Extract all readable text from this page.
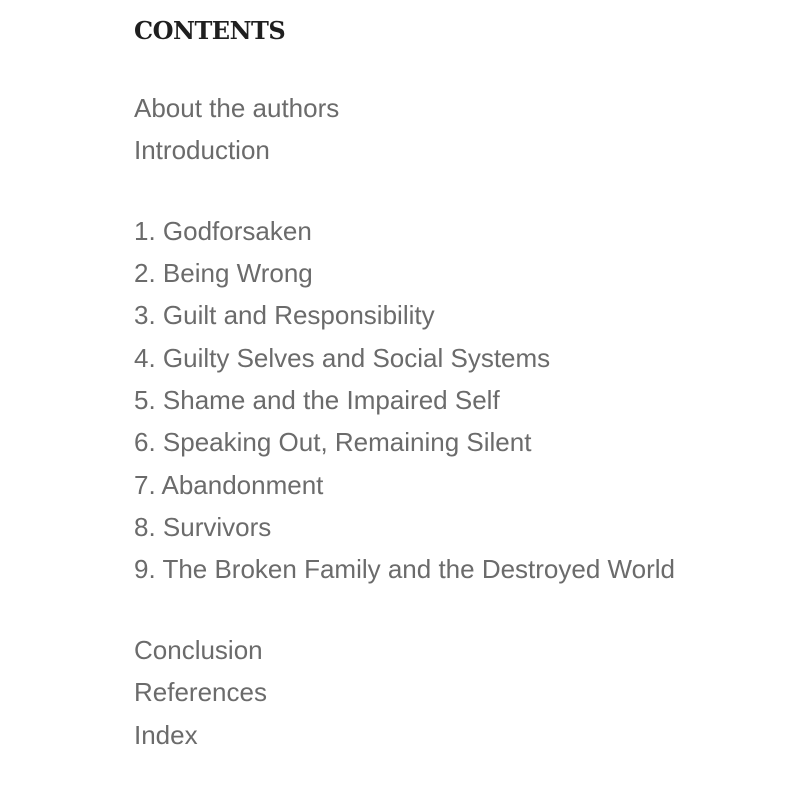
CONTENTS
About the authors
Introduction
1. Godforsaken
2. Being Wrong
3. Guilt and Responsibility
4. Guilty Selves and Social Systems
5. Shame and the Impaired Self
6. Speaking Out, Remaining Silent
7. Abandonment
8. Survivors
9. The Broken Family and the Destroyed World
Conclusion
References
Index
